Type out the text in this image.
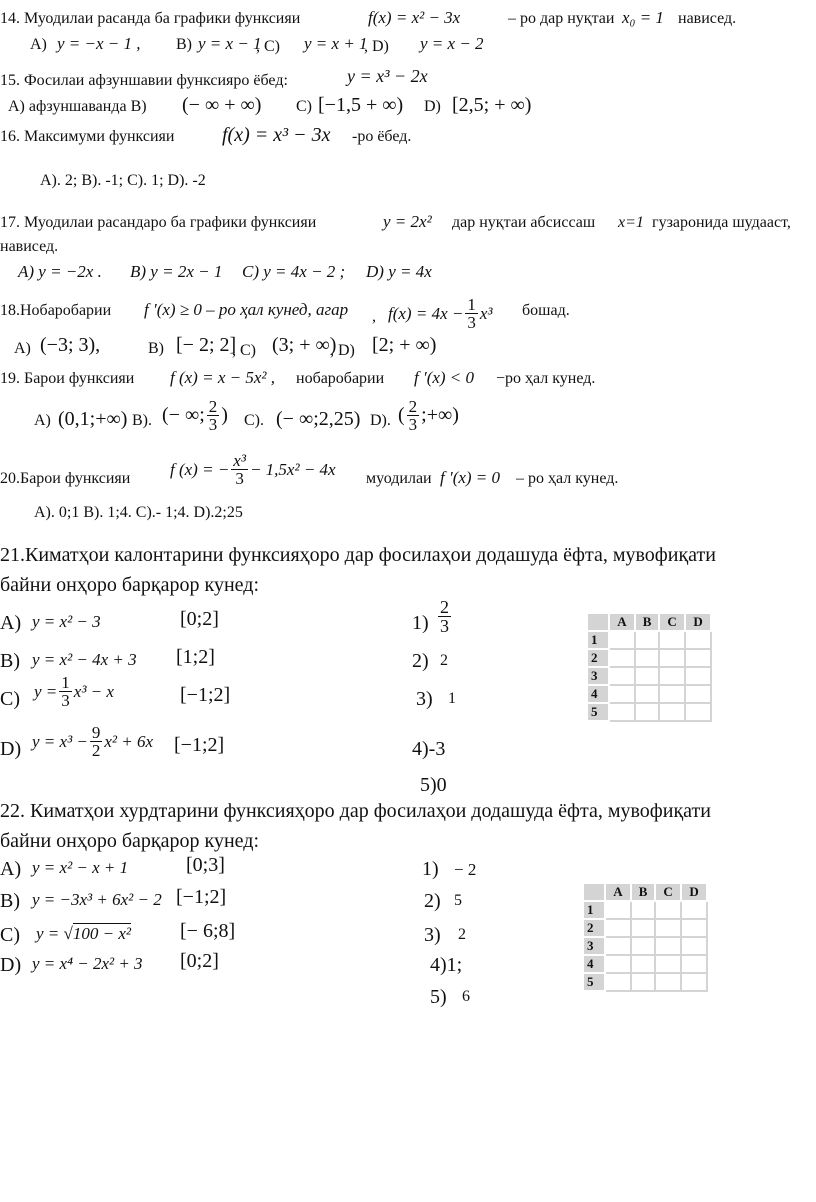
14. Муодилаи расанда ба графики функсияи	f(x) = x² − 3x	– ро дар нуқтаи x₀ = 1 нависед.
A) y = −x − 1 , B) y = x − 1
, C) y = x + 1
, D) y = x − 2
15. Фосилаи афзуншавии функсияро ёбед:	y = x³ − 2x
A) афзуншаванда B) (− ∞ + ∞) C) [−1,5 + ∞) D) [2,5; + ∞)
16. Максимуми функсияи f(x) = x³ − 3x -ро ёбед.
A). 2; B). -1; C). 1; D). -2
17. Муодилаи расандаро ба графики функсияи	y = 2x² дар нуқтаи абсиссаш x=1 гузаронида шудааст,
нависед.
A) y = −2x . B) y = 2x − 1 C) y = 4x − 2 ; D) y = 4x
18.Нобаробарии f ′(x) ≥ 0 – ро ҳал кунед, агар , $f(x) = 4x - \frac{1}{3} x^3$ бошад.
A) (−3; 3),	B) [− 2; 2]
, C) (3; + ∞)
, D) [2; + ∞)
19. Барои функсияи f (x) = x − 5x² , нобаробарии f ′(x) < 0 −ро ҳал кунед.
A) (0,1;+∞) B). (− ∞; $\frac{2}{3}$ ) C). (− ∞;2,25) D). ( $\frac{2}{3}$ ;+∞)
20.Барои функсияи f (x) = − $\frac{\text{x³}}{3} - 1,5x^2 - 4x$ муодилаи f ′(x) = 0 – ро ҳал кунед.
A). 0;1 B). 1;4. C).- 1;4. D).2;25
21.Киматҳои калонтарини функсияҳоро дар фосилаҳои додашуда ёфта, мувофиқати
байни онҳоро барқарор кунед:
A) y = x² − 3	[0;2]
B) y = x² − 4x + 3 [1;2]
C) $y = \frac{1}{3} x^3 - x$	[−1;2]
D) $y = x^3 - \frac{9}{2} x^2 + 6x$ [−1;2]
$1) \frac{2}{3}$
2) 2
3) 1
4)-3
5)0
	A	B	C	D
1				
2				
3				
4				
5				
22. Киматҳои хурдтарини функсияҳоро дар фосилаҳои додашуда ёфта, мувофиқати
байни онҳоро барқарор кунед:
A) y = x² − x + 1	[0;3]
B) y = −3x³ + 6x² − 2 [−1;2]
C) y = √100 − x² [− 6;8]
D) y = x⁴ − 2x² + 3 [0;2]
1) − 2
2) 5
3) 2
4)1;
5) 6
	A	B	C	D
1				
2				
3				
4				
5				
